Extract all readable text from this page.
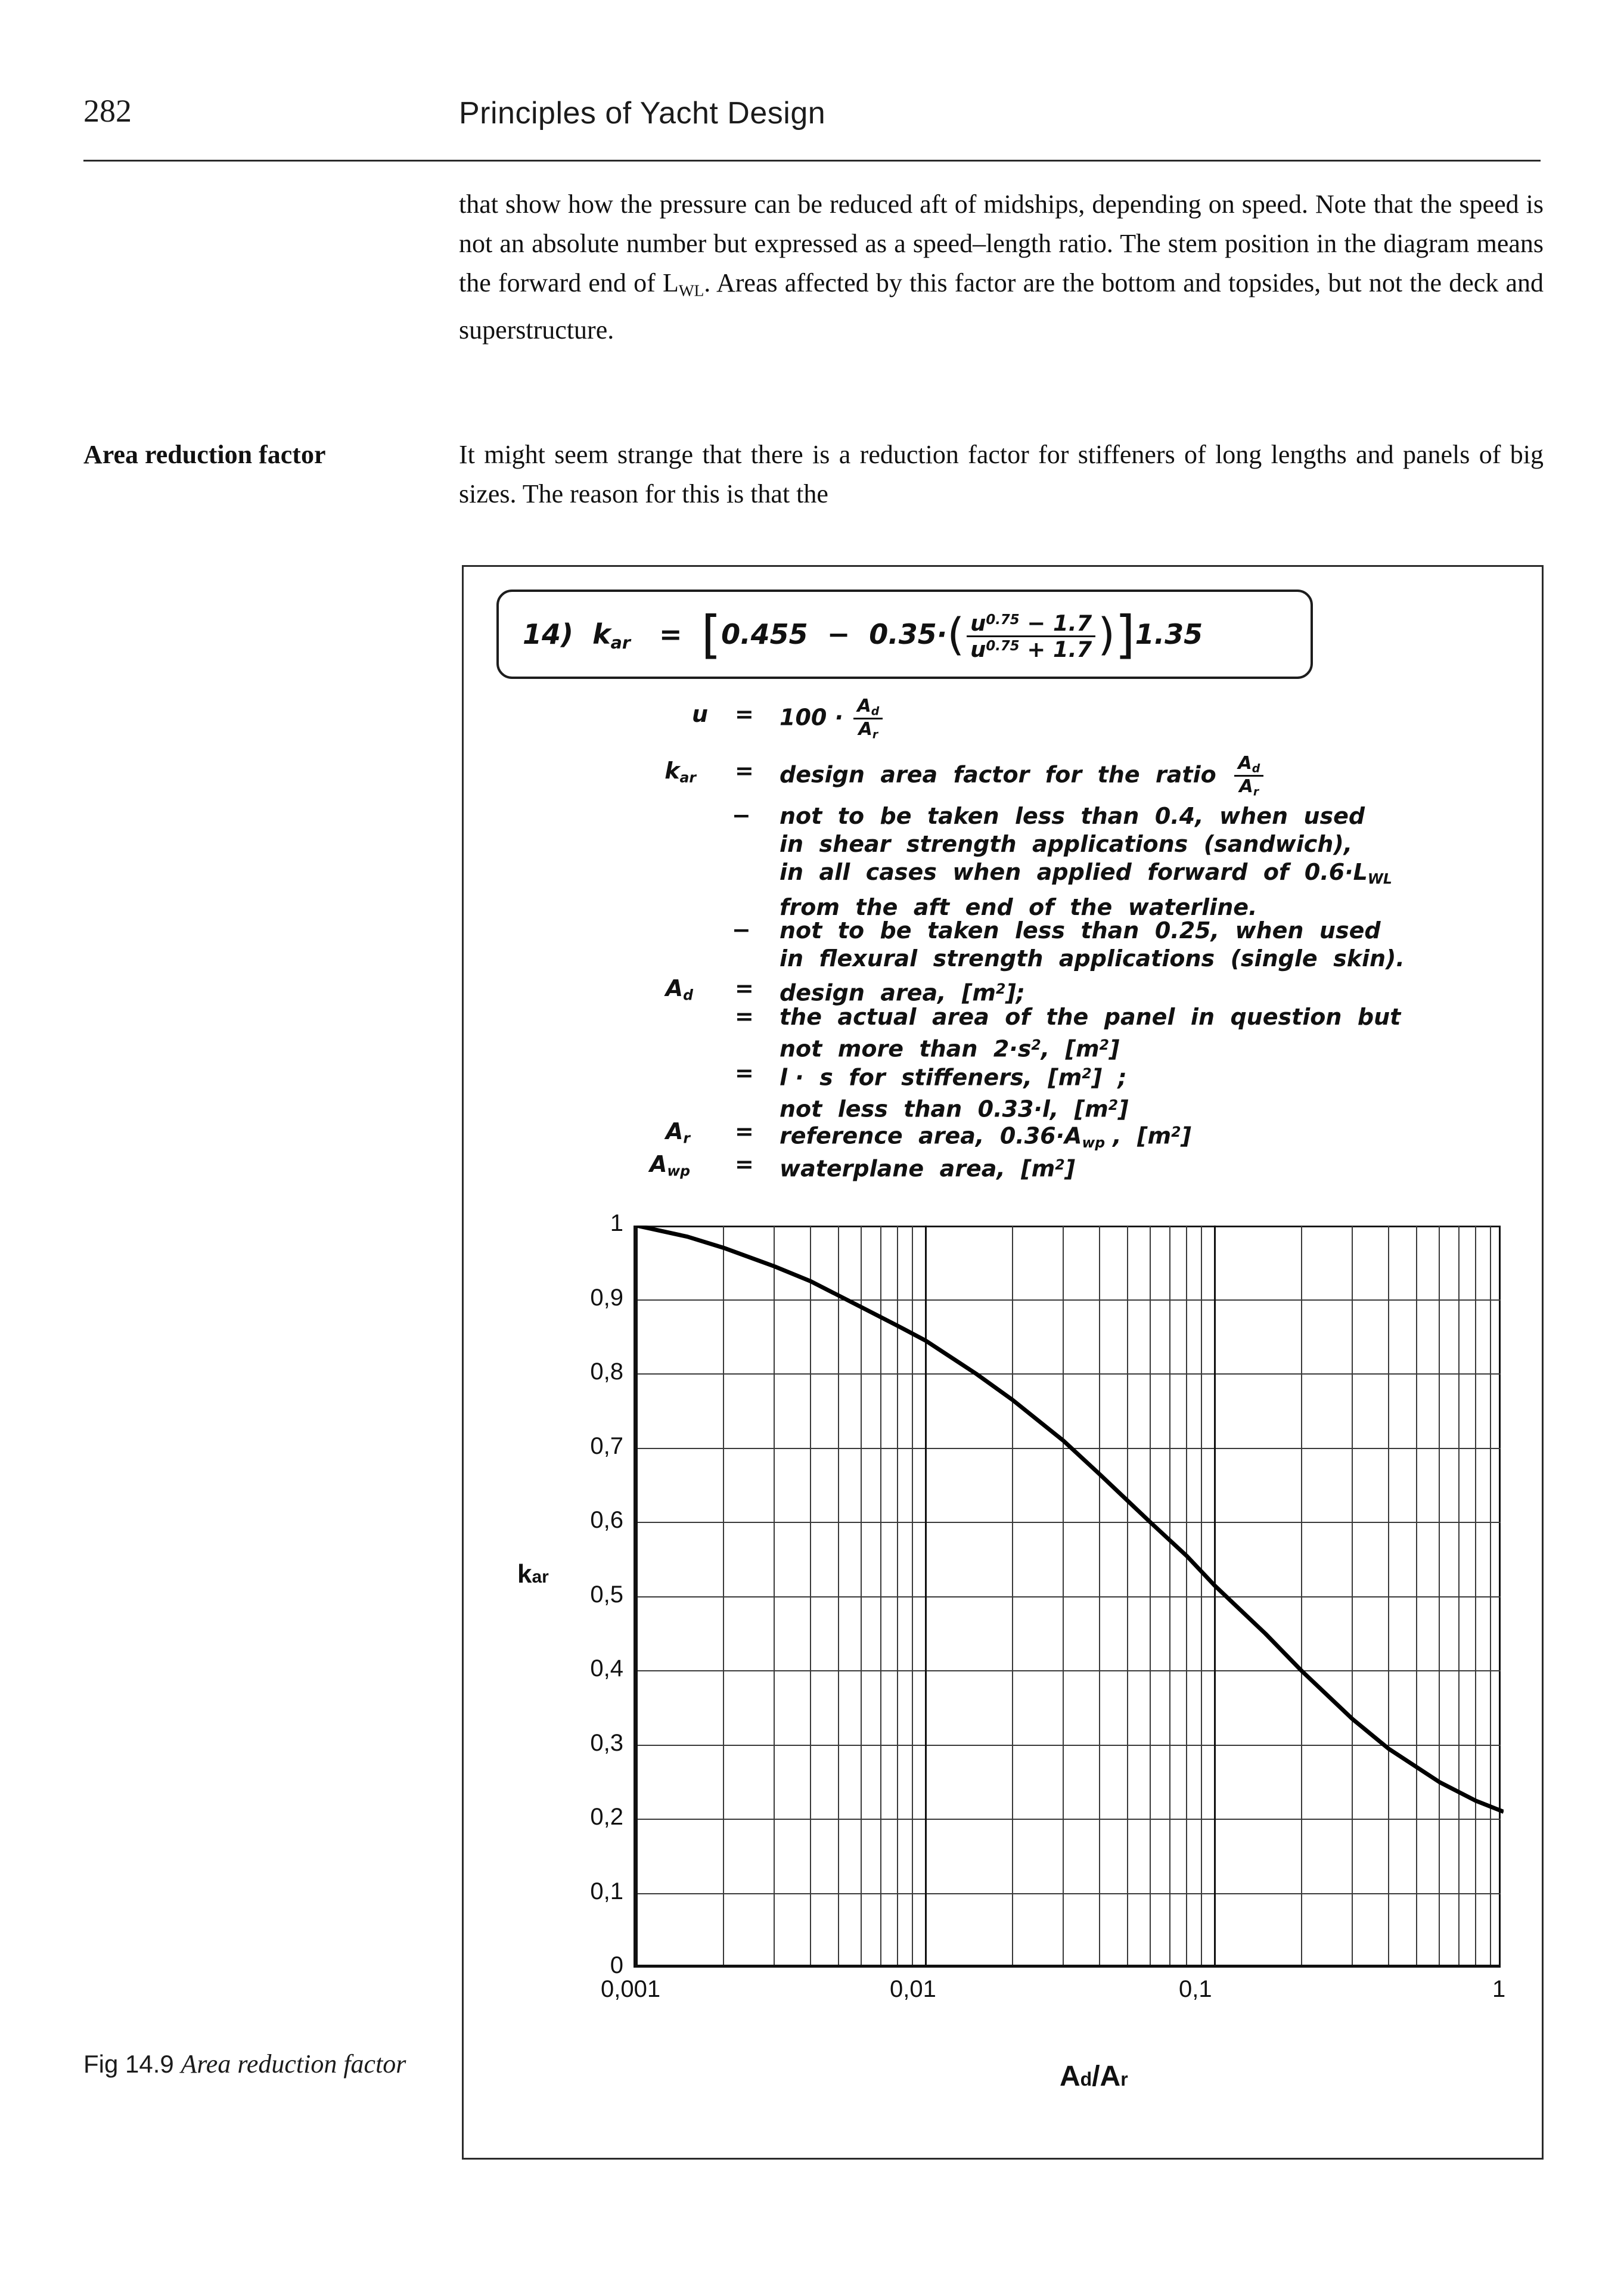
282	Principles of Yacht Design
that show how the pressure can be reduced aft of midships, depending on speed. Note that the speed is not an absolute number but expressed as a speed–length ratio. The stem position in the diagram means the forward end of $L_{WL}$. Areas affected by this factor are the bottom and topsides, but not the deck and superstructure.
Area reduction factor	It might seem strange that there is a reduction factor for stiffeners of long lengths and panels of big sizes. The reason for this is that the
14)  $k_{ar} = [0.455 - 0.35\cdot( \frac{u^{0.75} - 1.7}{u^{0.75} + 1.7} )]1.35$
$u = 100 \cdot \frac{A_d}{A_r}$
$k_{ar}$ = design  area  factor  for  the  ratio $\frac{A_d}{A_r}$
− not  to  be  taken  less  than  0.4,  when  used
in  shear  strength  applications  (sandwich),
in  all  cases  when  applied  forward  of  $0.6\cdot L_{WL}$
from  the  aft  end  of  the  waterline.
− not  to  be  taken  less  than  0.25,  when  used
in  flexural  strength  applications  (single  skin).
$A_d$ = design  area,  $[m^2]$;
= the  actual  area  of  the  panel  in  question  but
not  more  than  $2\cdot s^2$,  $[m^2]$
= l ·  s  for  stiffeners,  $[m^2]$  ;
not  less  than  0.33·l,  $[m^2]$
$A_r$ = reference  area,  $0.36\cdot A_{wp}$ ,  $[m^2]$
$A_{wp}$ = waterplane  area,  $[m^2]$
kar
Ad/Ar
0
0,1
0,2
0,3
0,4
0,5
0,6
0,7
0,8
0,9
1
0,001	0,01	0,1	1
Fig 14.9 Area reduction factor
